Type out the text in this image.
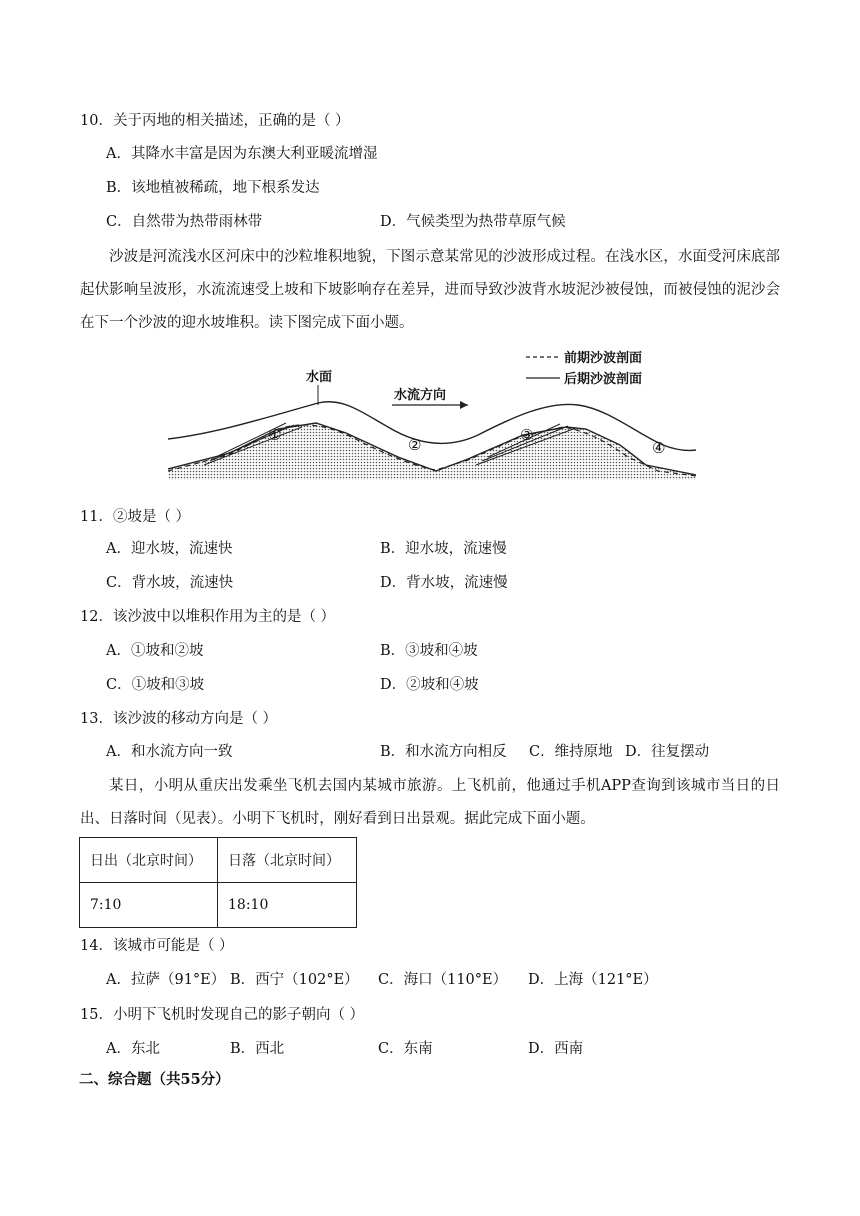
10．关于丙地的相关描述，正确的是（ ）
A．其降水丰富是因为东澳大利亚暖流增湿
B．该地植被稀疏，地下根系发达
C．自然带为热带雨林带	D．气候类型为热带草原气候
沙波是河流浅水区河床中的沙粒堆积地貌，下图示意某常见的沙波形成过程。在浅水区，水面受河床底部起伏影响呈波形，水流流速受上坡和下坡影响存在差异，进而导致沙波背水坡泥沙被侵蚀，而被侵蚀的泥沙会在下一个沙波的迎水坡堆积。读下图完成下面小题。
水面
水流方向
前期沙波剖面
后期沙波剖面
①
②
③
④
11．②坡是（ ）
A．迎水坡，流速快	B．迎水坡，流速慢
C．背水坡，流速快	D．背水坡，流速慢
12．该沙波中以堆积作用为主的是（ ）
A．①坡和②坡	B．③坡和④坡
C．①坡和③坡	D．②坡和④坡
13．该沙波的移动方向是（ ）
A．和水流方向一致	B．和水流方向相反 C．维持原地 D．往复摆动
某日，小明从重庆出发乘坐飞机去国内某城市旅游。上飞机前，他通过手机APP查询到该城市当日的日出、日落时间（见表）。小明下飞机时，刚好看到日出景观。据此完成下面小题。
日出（北京时间）	日落（北京时间）
7:10	18:10
14．该城市可能是（ ）
A．拉萨（91°E） B．西宁（102°E） C．海口（110°E） D．上海（121°E）
15．小明下飞机时发现自己的影子朝向（ ）
A．东北	B．西北	C．东南	D．西南
二、综合题（共55分）
